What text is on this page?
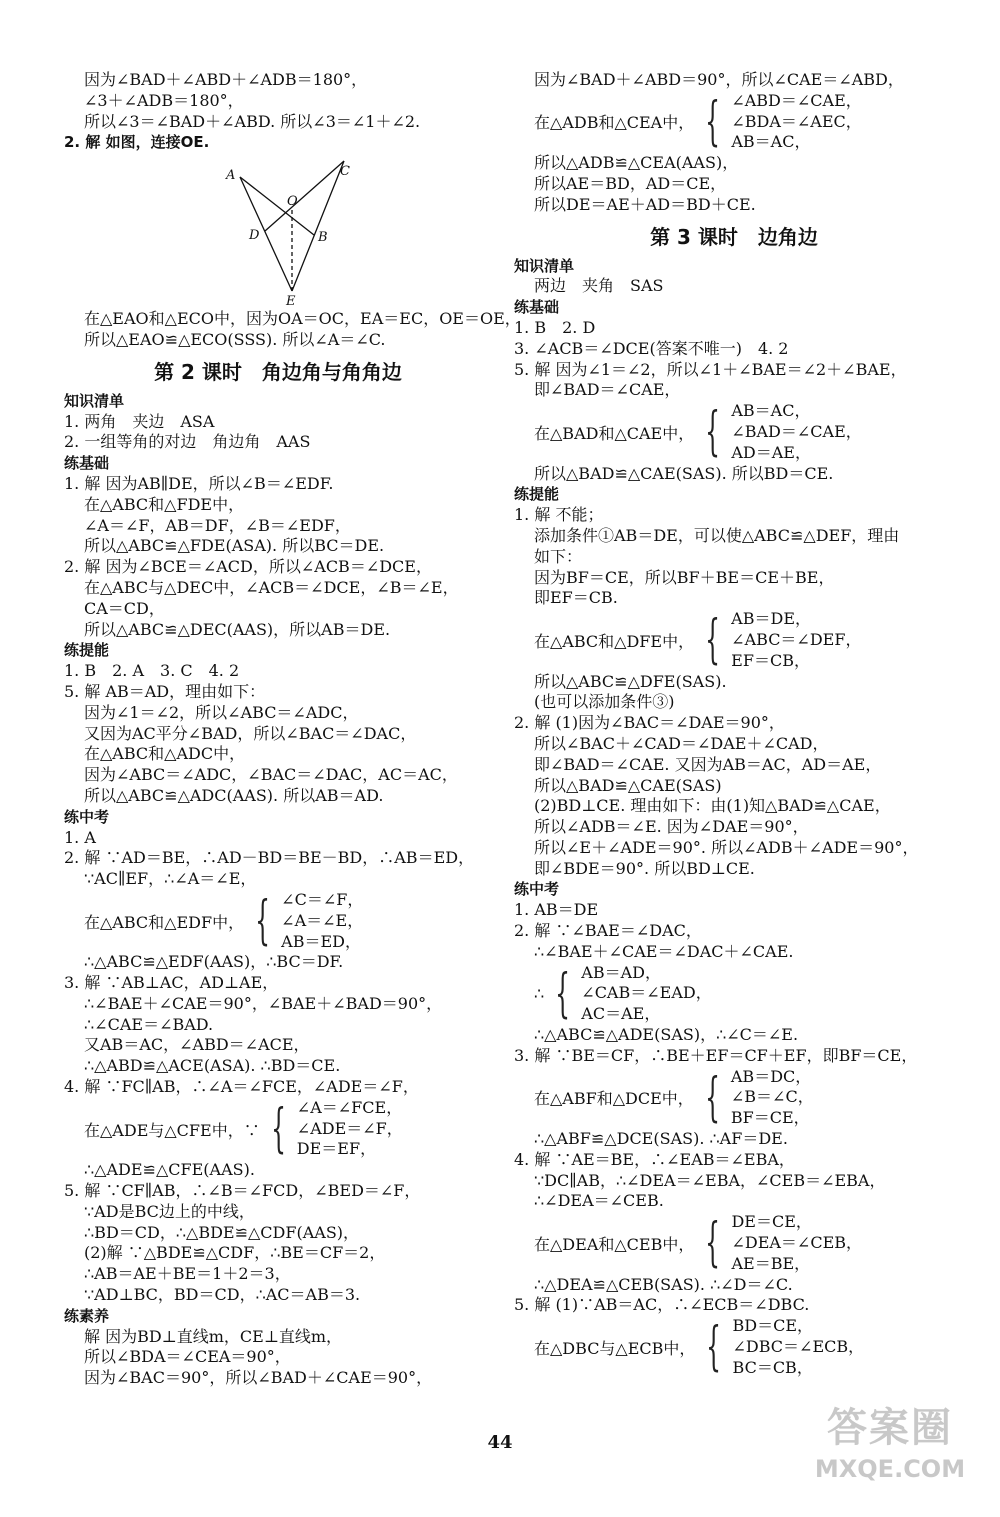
因为∠BAD＋∠ABD＋∠ADB＝180°，
∠3＋∠ADB＝180°，
所以∠3＝∠BAD＋∠ABD. 所以∠3＝∠1＋∠2.
2. 解 如图，连接OE.
A	C
O
D	B
E
在△EAO和△ECO中，因为OA＝OC，EA＝EC，OE＝OE，
所以△EAO≌△ECO(SSS). 所以∠A＝∠C.
第 2 课时　角边角与角角边
知识清单
1. 两角　夹边　ASA
2. 一组等角的对边　角边角　AAS
练基础
1. 解 因为AB∥DE，所以∠B＝∠EDF.
在△ABC和△FDE中，
∠A＝∠F，AB＝DF，∠B＝∠EDF，
所以△ABC≌△FDE(ASA). 所以BC＝DE.
2. 解 因为∠BCE＝∠ACD，所以∠ACB＝∠DCE，
在△ABC与△DEC中，∠ACB＝∠DCE，∠B＝∠E，
CA＝CD，
所以△ABC≌△DEC(AAS)，所以AB＝DE.
练提能
1. B　2. A　3. C　4. 2
5. 解 AB＝AD，理由如下：
因为∠1＝∠2，所以∠ABC＝∠ADC，
又因为AC平分∠BAD，所以∠BAC＝∠DAC，
在△ABC和△ADC中，
因为∠ABC＝∠ADC，∠BAC＝∠DAC，AC＝AC，
所以△ABC≌△ADC(AAS). 所以AB＝AD.
练中考
1. A
2. 解 ∵AD＝BE，∴AD－BD＝BE－BD，∴AB＝ED，
∵AC∥EF，∴∠A＝∠E，
在△ABC和△EDF中， { ∠C＝∠F，
∠A＝∠E，
AB＝ED，
∴△ABC≌△EDF(AAS)，∴BC＝DF.
3. 解 ∵AB⊥AC，AD⊥AE，
∴∠BAE＋∠CAE＝90°，∠BAE＋∠BAD＝90°，
∴∠CAE＝∠BAD.
又AB＝AC，∠ABD＝∠ACE，
∴△ABD≌△ACE(ASA). ∴BD＝CE.
4. 解 ∵FC∥AB，∴∠A＝∠FCE，∠ADE＝∠F，
在△ADE与△CFE中，∵ { ∠A＝∠FCE，
∠ADE＝∠F，
DE＝EF，
∴△ADE≌△CFE(AAS).
5. 解 ∵CF∥AB，∴∠B＝∠FCD，∠BED＝∠F，
∵AD是BC边上的中线，
∴BD＝CD，∴△BDE≌△CDF(AAS)，
(2)解 ∵△BDE≌△CDF，∴BE＝CF＝2，
∴AB＝AE＋BE＝1＋2＝3，
∵AD⊥BC，BD＝CD，∴AC＝AB＝3.
练素养
解 因为BD⊥直线m，CE⊥直线m，
所以∠BDA＝∠CEA＝90°，
因为∠BAC＝90°，所以∠BAD＋∠CAE＝90°，
因为∠BAD＋∠ABD＝90°，所以∠CAE＝∠ABD，
在△ADB和△CEA中， { ∠ABD＝∠CAE，
∠BDA＝∠AEC，
AB＝AC，
所以△ADB≌△CEA(AAS)，
所以AE＝BD，AD＝CE，
所以DE＝AE＋AD＝BD＋CE.
第 3 课时　边角边
知识清单
两边　夹角　SAS
练基础
1. B　2. D
3. ∠ACB＝∠DCE(答案不唯一)　4. 2
5. 解 因为∠1＝∠2，所以∠1＋∠BAE＝∠2＋∠BAE，
即∠BAD＝∠CAE，
在△BAD和△CAE中， { AB＝AC，
∠BAD＝∠CAE，
AD＝AE，
所以△BAD≌△CAE(SAS). 所以BD＝CE.
练提能
1. 解 不能；
添加条件①AB＝DE，可以使△ABC≌△DEF，理由
如下：
因为BF＝CE，所以BF＋BE＝CE＋BE，
即EF＝CB.
在△ABC和△DFE中， { AB＝DE，
∠ABC＝∠DEF，
EF＝CB，
所以△ABC≌△DFE(SAS).
(也可以添加条件③)
2. 解 (1)因为∠BAC＝∠DAE＝90°，
所以∠BAC＋∠CAD＝∠DAE＋∠CAD，
即∠BAD＝∠CAE. 又因为AB＝AC，AD＝AE，
所以△BAD≌△CAE(SAS)
(2)BD⊥CE. 理由如下：由(1)知△BAD≌△CAE，
所以∠ADB＝∠E. 因为∠DAE＝90°，
所以∠E＋∠ADE＝90°. 所以∠ADB＋∠ADE＝90°，
即∠BDE＝90°. 所以BD⊥CE.
练中考
1. AB＝DE
2. 解 ∵∠BAE＝∠DAC，
∴∠BAE＋∠CAE＝∠DAC＋∠CAE.
∴ { AB＝AD，
∠CAB＝∠EAD，
AC＝AE，
∴△ABC≌△ADE(SAS)，∴∠C＝∠E.
3. 解 ∵BE＝CF，∴BE＋EF＝CF＋EF，即BF＝CE，
在△ABF和△DCE中， { AB＝DC，
∠B＝∠C，
BF＝CE，
∴△ABF≌△DCE(SAS). ∴AF＝DE.
4. 解 ∵AE＝BE，∴∠EAB＝∠EBA，
∵DC∥AB，∴∠DEA＝∠EBA，∠CEB＝∠EBA，
∴∠DEA＝∠CEB.
在△DEA和△CEB中， { DE＝CE，
∠DEA＝∠CEB，
AE＝BE，
∴△DEA≌△CEB(SAS). ∴∠D＝∠C.
5. 解 (1)∵AB＝AC，∴∠ECB＝∠DBC.
在△DBC与△ECB中， { BD＝CE，
∠DBC＝∠ECB，
BC＝CB，
44	答案圈
MXQE.COM
